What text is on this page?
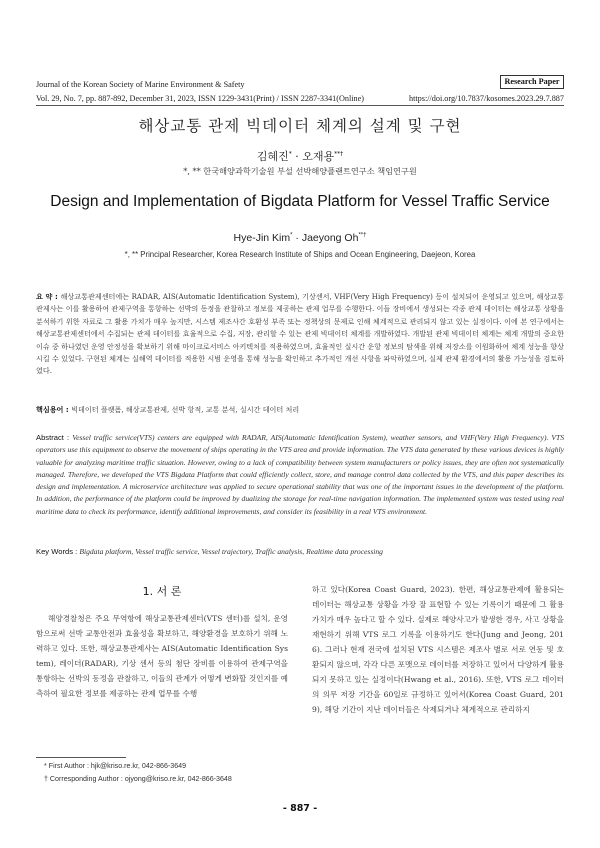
Journal of the Korean Society of Marine Environment & Safety
Vol. 29, No. 7, pp. 887-892, December 31, 2023, ISSN 1229-3431(Print) / ISSN 2287-3341(Online)	https://doi.org/10.7837/kosomes.2023.29.7.887
Research Paper
해상교통 관제 빅데이터 체계의 설계 및 구현
김혜진* · 오재용**†
*, ** 한국해양과학기술원 부설 선박해양플랜트연구소 책임연구원
Design and Implementation of Bigdata Platform for Vessel Traffic Service
Hye-Jin Kim* · Jaeyong Oh**†
*, ** Principal Researcher, Korea Research Institute of Ships and Ocean Engineering, Daejeon, Korea
요 약 : 해상교통관제센터에는 RADAR, AIS(Automatic Identification System), 기상센서, VHF(Very High Frequency) 등이 설치되어 운영되고 있으며, 해상교통관제사는 이를 활용하여 관제구역을 통항하는 선박의 동정을 관찰하고 정보를 제공하는 관제 업무를 수행한다. 이들 장비에서 생성되는 각종 관제 데이터는 해상교통 상황을 분석하기 위한 자료로 그 활용 가치가 매우 높지만, 시스템 제조사간 호환성 부족 또는 정책상의 문제로 인해 체계적으로 관리되지 않고 있는 실정이다. 이에 본 연구에서는 해상교통관제센터에서 수집되는 관제 데이터를 효율적으로 수집, 저장, 관리할 수 있는 관제 빅데이터 체계를 개발하였다. 개발된 관제 빅데이터 체계는 체계 개발의 중요한 이슈 중 하나였던 운영 안정성을 확보하기 위해 마이크로서비스 아키텍처를 적용하였으며, 효율적인 실시간 운항 정보의 탐색을 위해 저장소를 이원화하여 체계 성능을 향상시킬 수 있었다. 구현된 체계는 실해역 데이터를 적용한 시범 운영을 통해 성능을 확인하고 추가적인 개선 사항을 파악하였으며, 실제 관제 환경에서의 활용 가능성을 검토하였다.
핵심용어 : 빅데이터 플랫폼, 해상교통관제, 선박 항적, 교통 분석, 실시간 데이터 처리
Abstract : Vessel traffic service(VTS) centers are equipped with RADAR, AIS(Automatic Identification System), weather sensors, and VHF(Very High Frequency). VTS operators use this equipment to observe the movement of ships operating in the VTS area and provide information. The VTS data generated by these various devices is highly valuable for analyzing maritime traffic situation. However, owing to a lack of compatibility between system manufacturers or policy issues, they are often not systematically managed. Therefore, we developed the VTS Bigdata Platform that could efficiently collect, store, and manage control data collected by the VTS, and this paper describes its design and implementation. A microservice architecture was applied to secure operational stability that was one of the important issues in the development of the platform. In addition, the performance of the platform could be improved by dualizing the storage for real-time navigation information. The implemented system was tested using real maritime data to check its performance, identify additional improvements, and consider its feasibility in a real VTS environment.
Key Words : Bigdata platform, Vessel traffic service, Vessel trajectory, Traffic analysis, Realtime data processing
1. 서 론
해양경찰청은 주요 무역항에 해상교통관제센터(VTS 센터)를 설치, 운영함으로써 선박 교통안전과 효율성을 확보하고, 해양환경을 보호하기 위해 노력하고 있다. 또한, 해상교통관제사는 AIS(Automatic Identification System), 레이더(RADAR), 기상 센서 등의 첨단 장비를 이용하여 관제구역을 통항하는 선박의 동정을 관찰하고, 이들의 관계가 어떻게 변화할 것인지를 예측하여 필요한 정보를 제공하는 관제 업무를 수행
하고 있다(Korea Coast Guard, 2023). 한편, 해상교통관제에 활용되는 데이터는 해상교통 상황을 가장 잘 표현할 수 있는 기록이기 때문에 그 활용 가치가 매우 높다고 할 수 있다. 실제로 해양사고가 발생한 경우, 사고 상황을 재현하기 위해 VTS 로그 기록을 이용하기도 한다(Jung and Jeong, 2016). 그러나 현재 전국에 설치된 VTS 시스템은 제조사 별로 서로 연동 및 호환되지 않으며, 각각 다른 포맷으로 데이터를 저장하고 있어서 다양하게 활용되지 못하고 있는 실정이다(Hwang et al., 2016). 또한, VTS 로그 데이터의 의무 저장 기간을 60일로 규정하고 있어서(Korea Coast Guard, 2019), 해당 기간이 지난 데이터들은 삭제되거나 체계적으로 관리하지
* First Author : hjk@kriso.re.kr, 042-866-3649
† Corresponding Author : ojyong@kriso.re.kr, 042-866-3648
- 887 -
